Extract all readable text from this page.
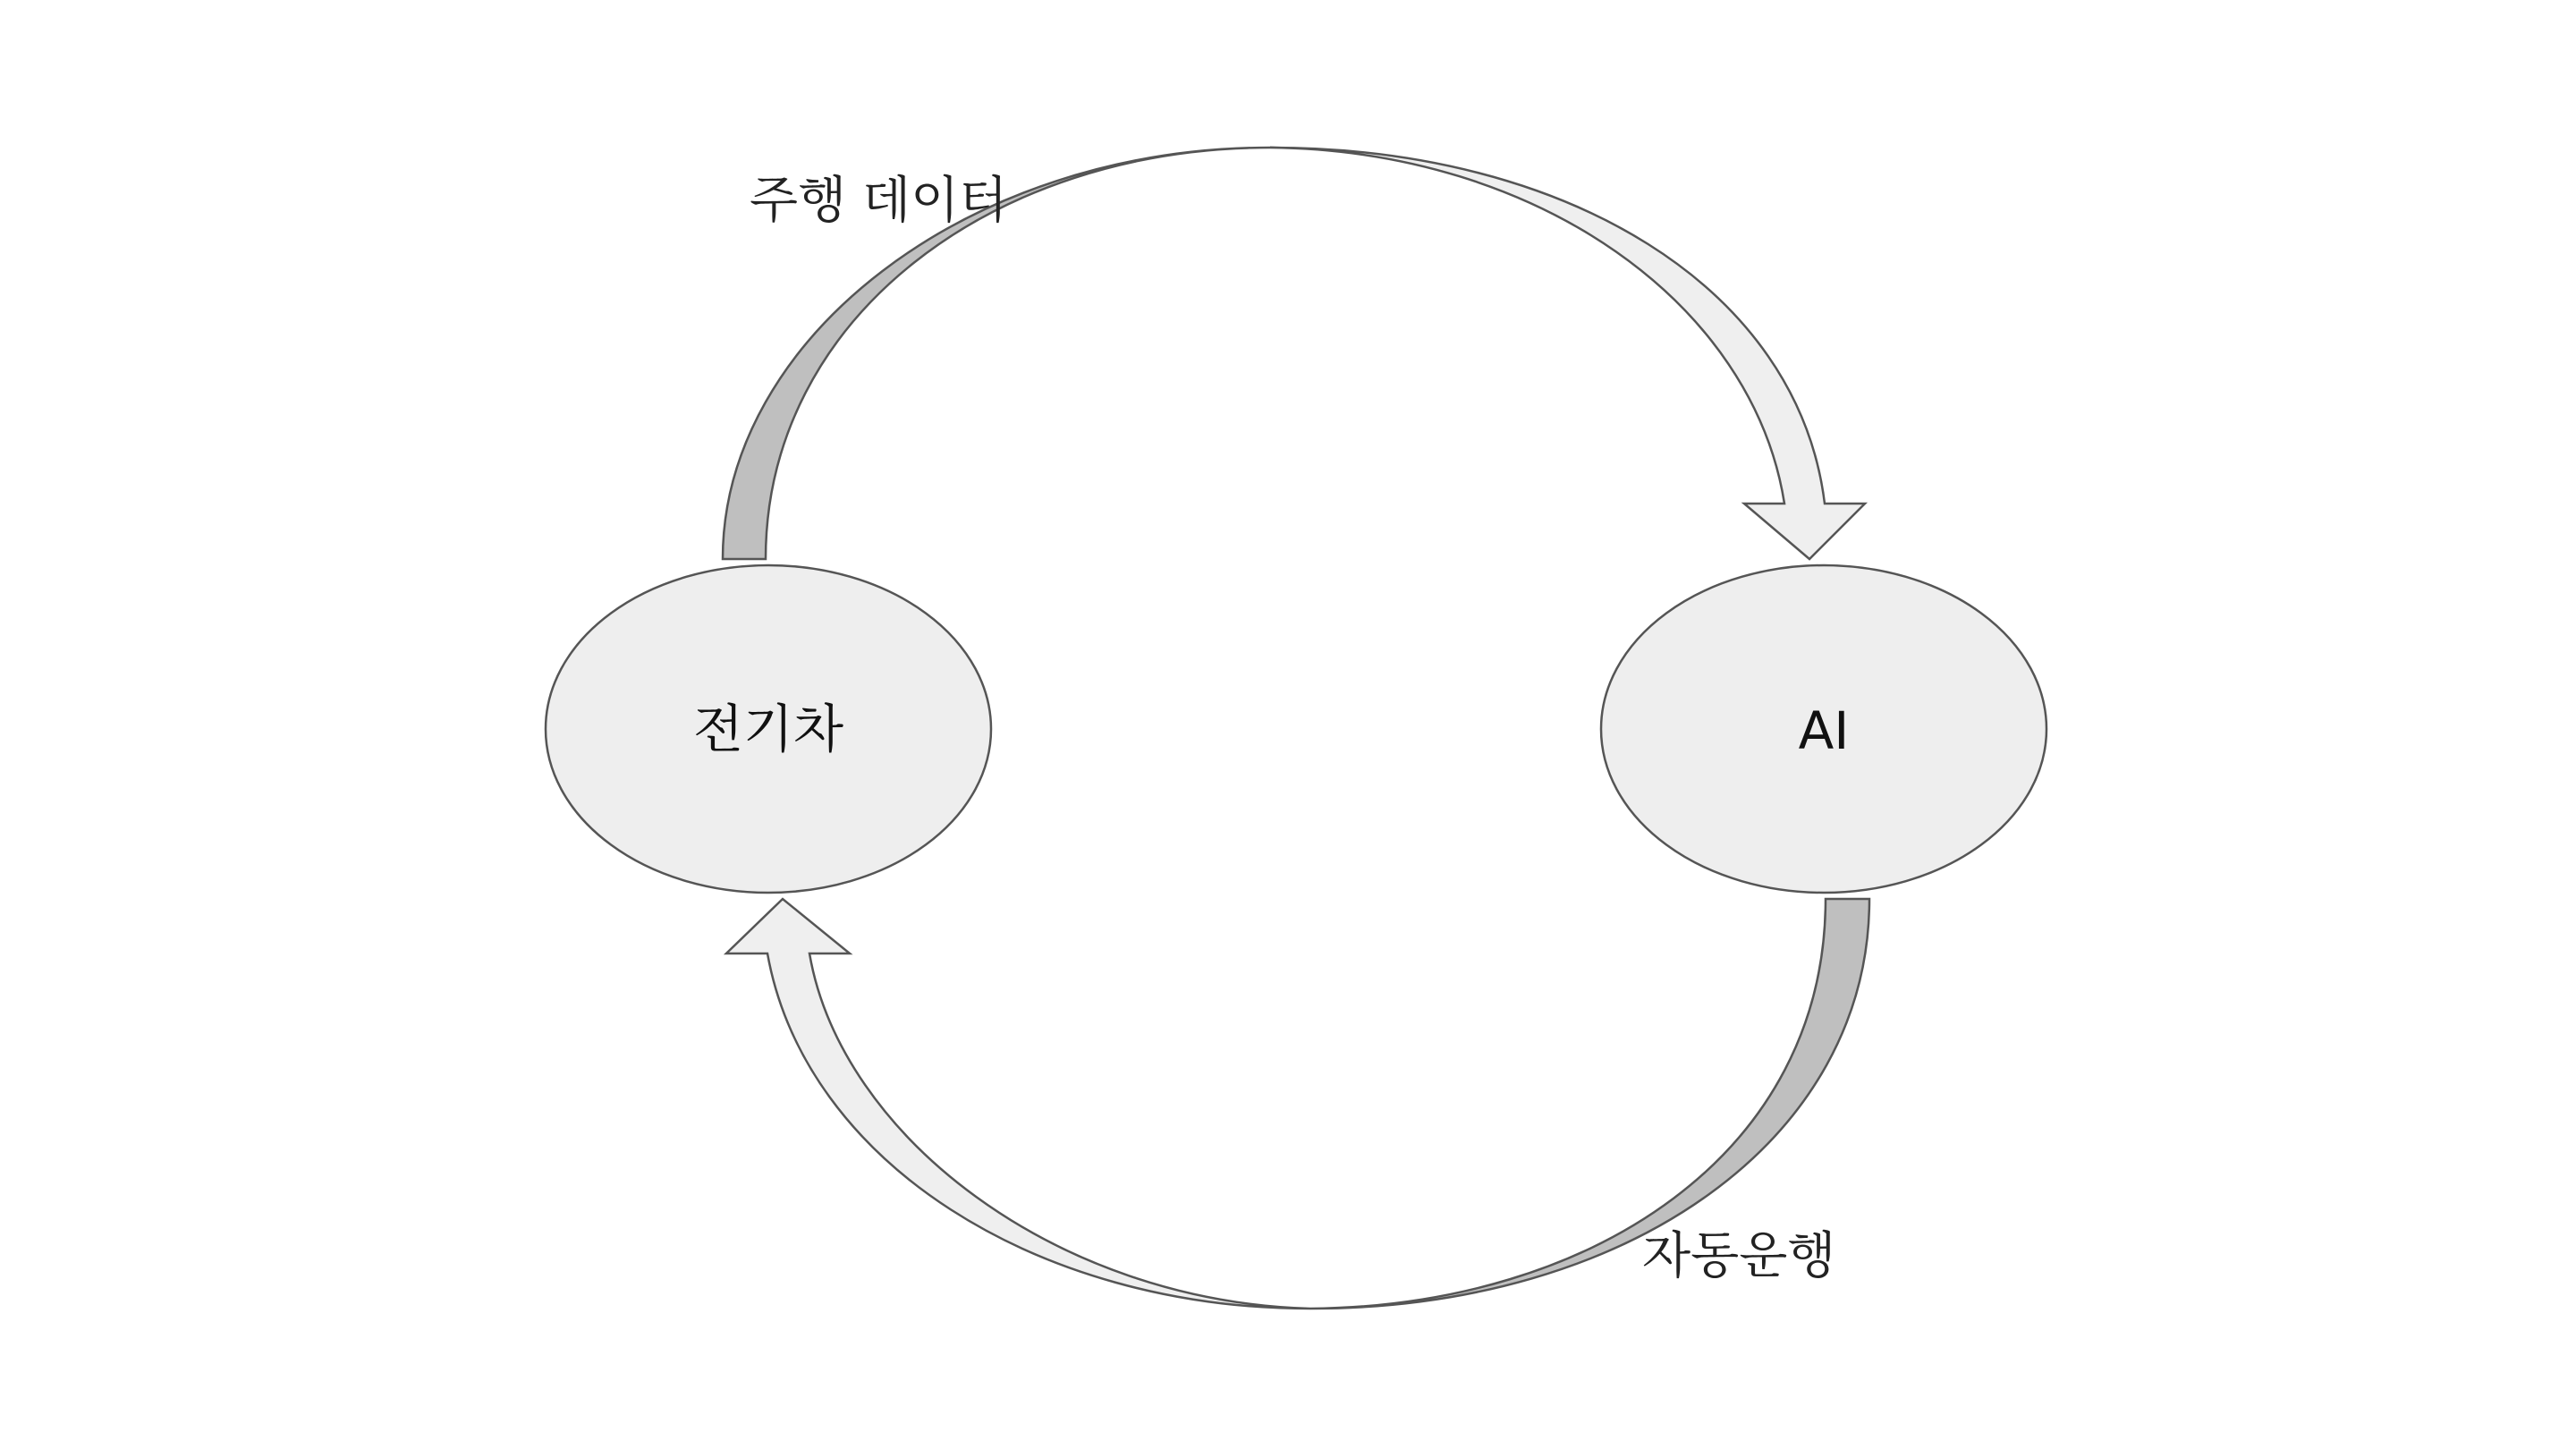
전기차	AI
주행 데이터
자동운행
